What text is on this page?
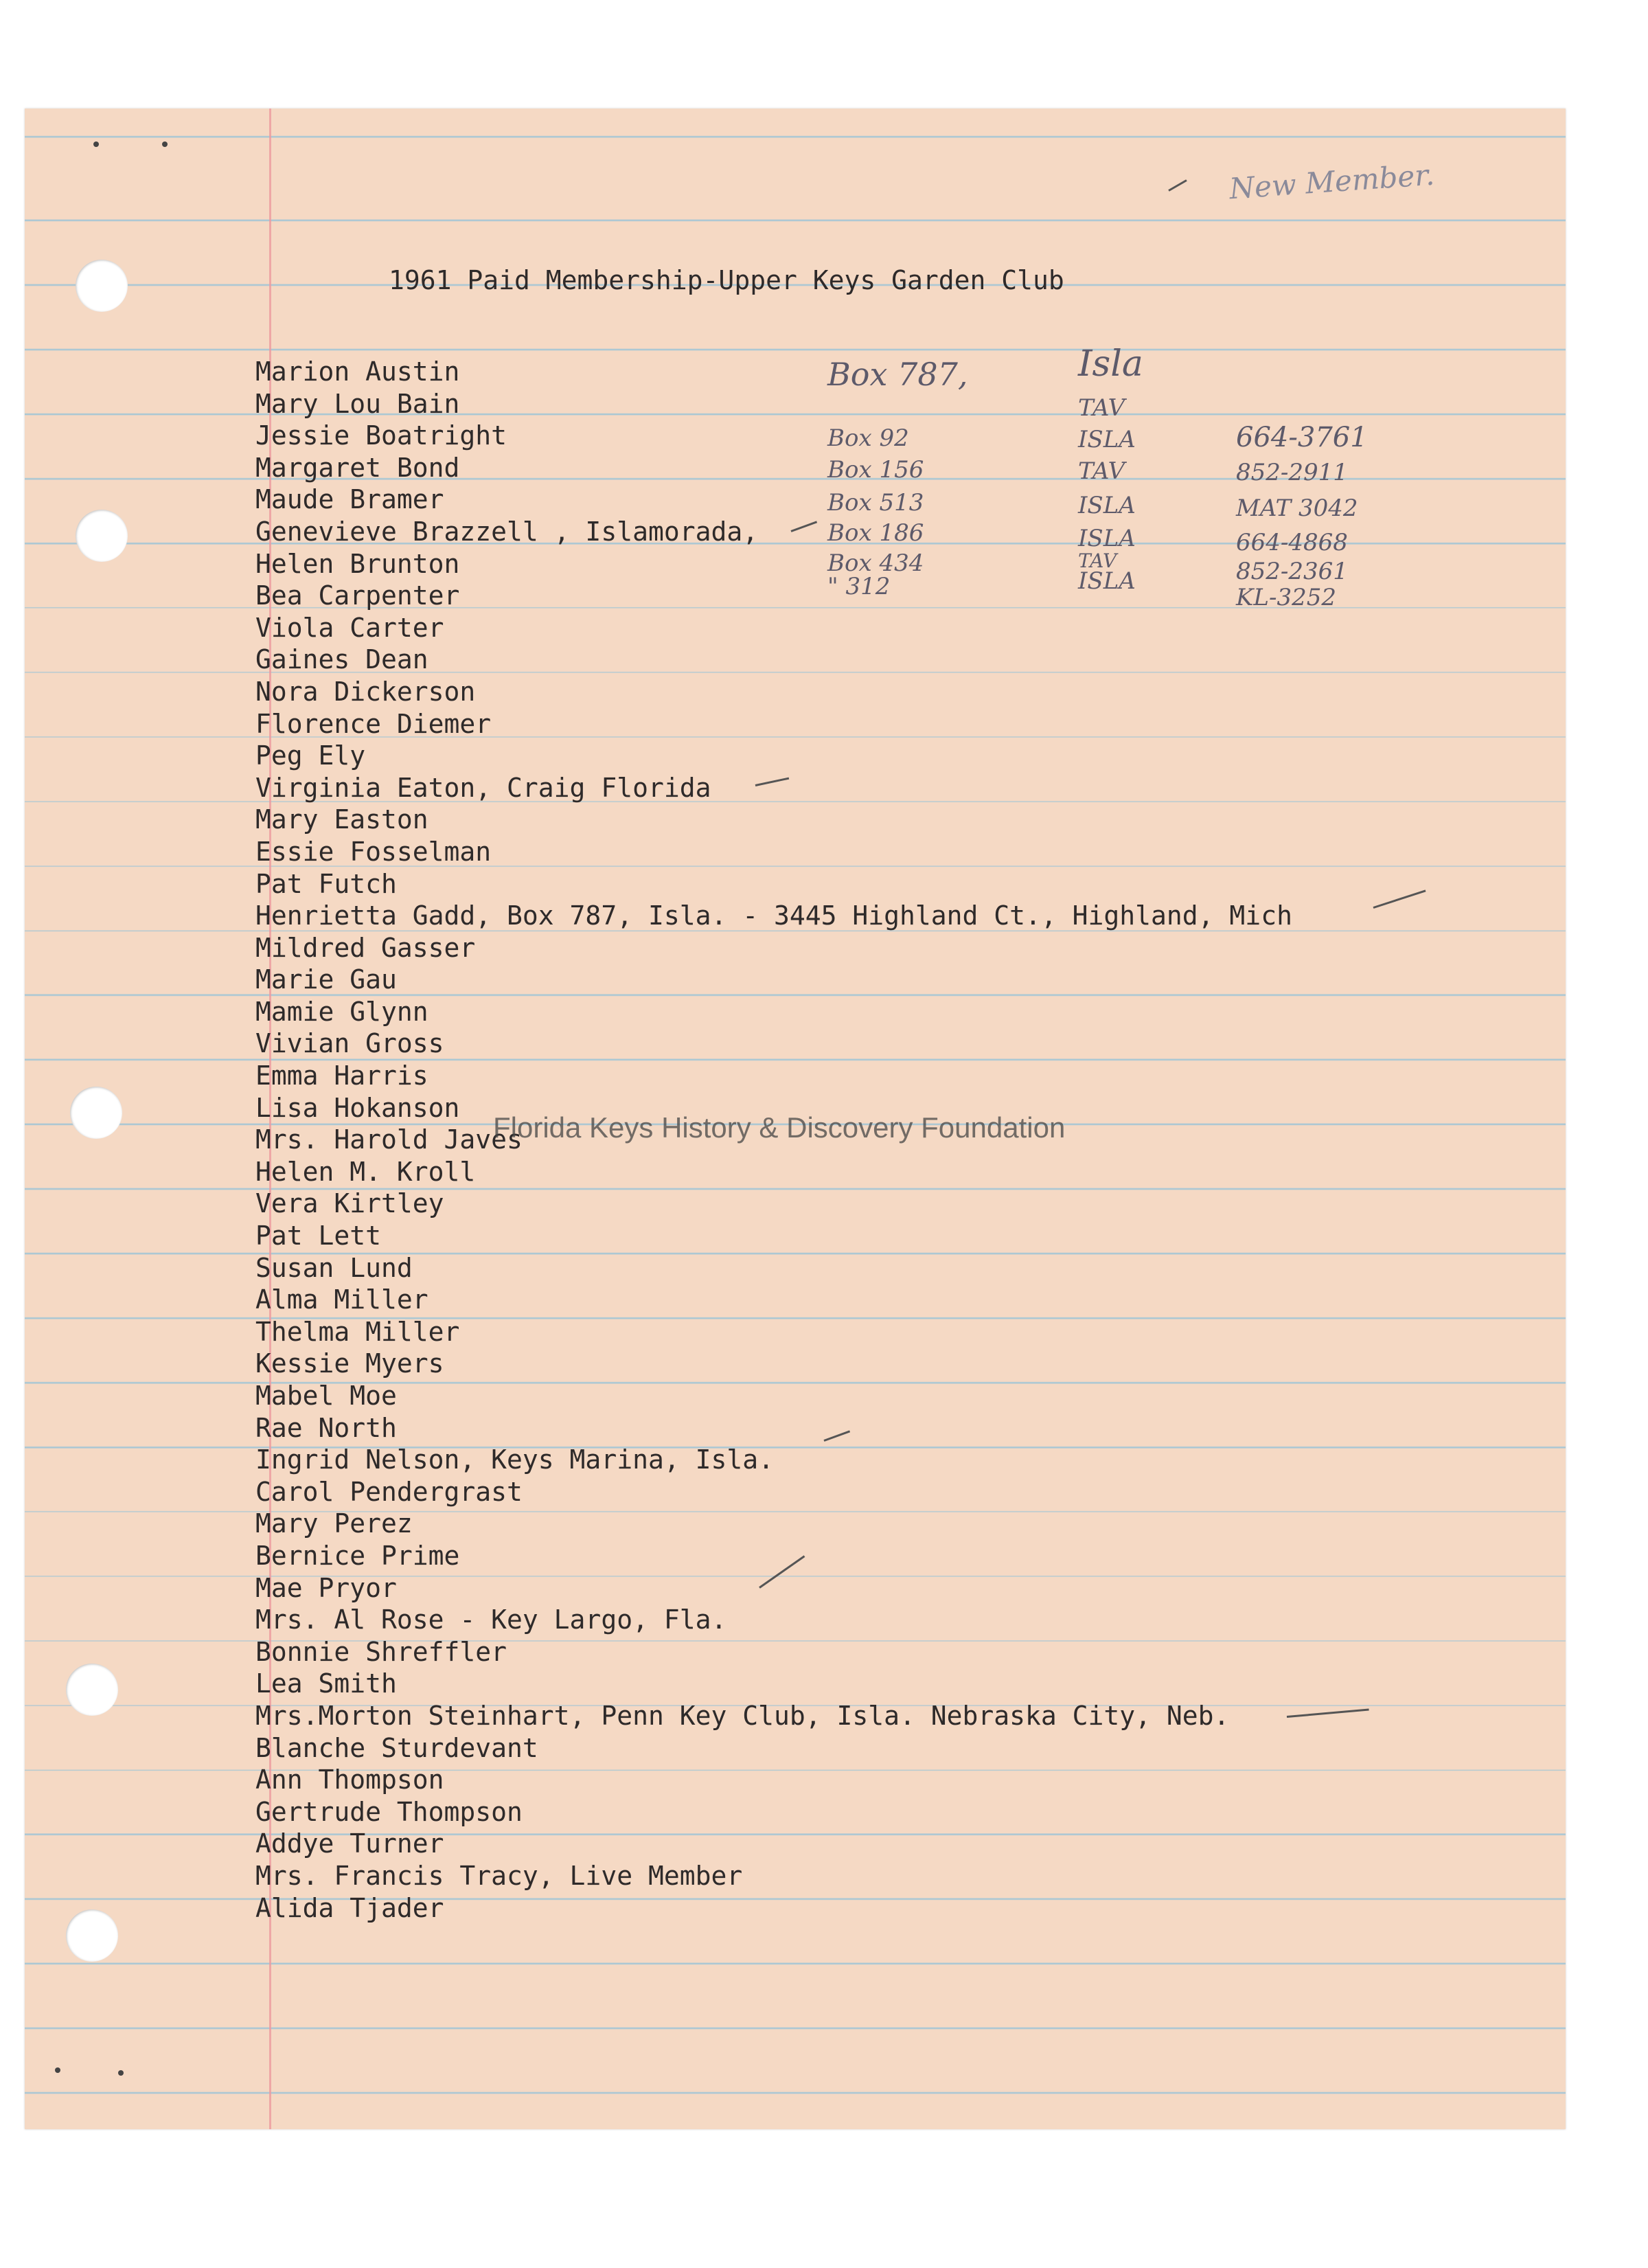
New Member.
1961 Paid Membership-Upper Keys Garden Club
Marion Austin
Mary Lou Bain
Jessie Boatright
Margaret Bond
Maude Bramer
Genevieve Brazzell , Islamorada,
Helen Brunton
Bea Carpenter
Viola Carter
Gaines Dean
Nora Dickerson
Florence Diemer
Peg Ely
Virginia Eaton, Craig Florida
Mary Easton
Essie Fosselman
Pat Futch
Henrietta Gadd, Box 787, Isla. - 3445 Highland Ct., Highland, Mich
Mildred Gasser
Marie Gau
Mamie Glynn
Vivian Gross
Emma Harris
Lisa Hokanson
Mrs. Harold Javes
Helen M. Kroll
Vera Kirtley
Pat Lett
Susan Lund
Alma Miller
Thelma Miller
Kessie Myers
Mabel Moe
Rae North
Ingrid Nelson, Keys Marina, Isla.
Carol Pendergrast
Mary Perez
Bernice Prime
Mae Pryor
Mrs. Al Rose - Key Largo, Fla.
Bonnie Shreffler
Lea Smith
Mrs.Morton Steinhart, Penn Key Club, Isla. Nebraska City, Neb.
Blanche Sturdevant
Ann Thompson
Gertrude Thompson
Addye Turner
Mrs. Francis Tracy, Live Member
Alida Tjader
Box 787,
Box 92
Box 156
Box 513
Box 186
Box 434
" 312
Isla
TAV
ISLA
TAV
ISLA
ISLA
TAV
ISLA
664-3761
852-2911
MAT 3042
664-4868
852-2361
KL-3252
Florida Keys History & Discovery Foundation
